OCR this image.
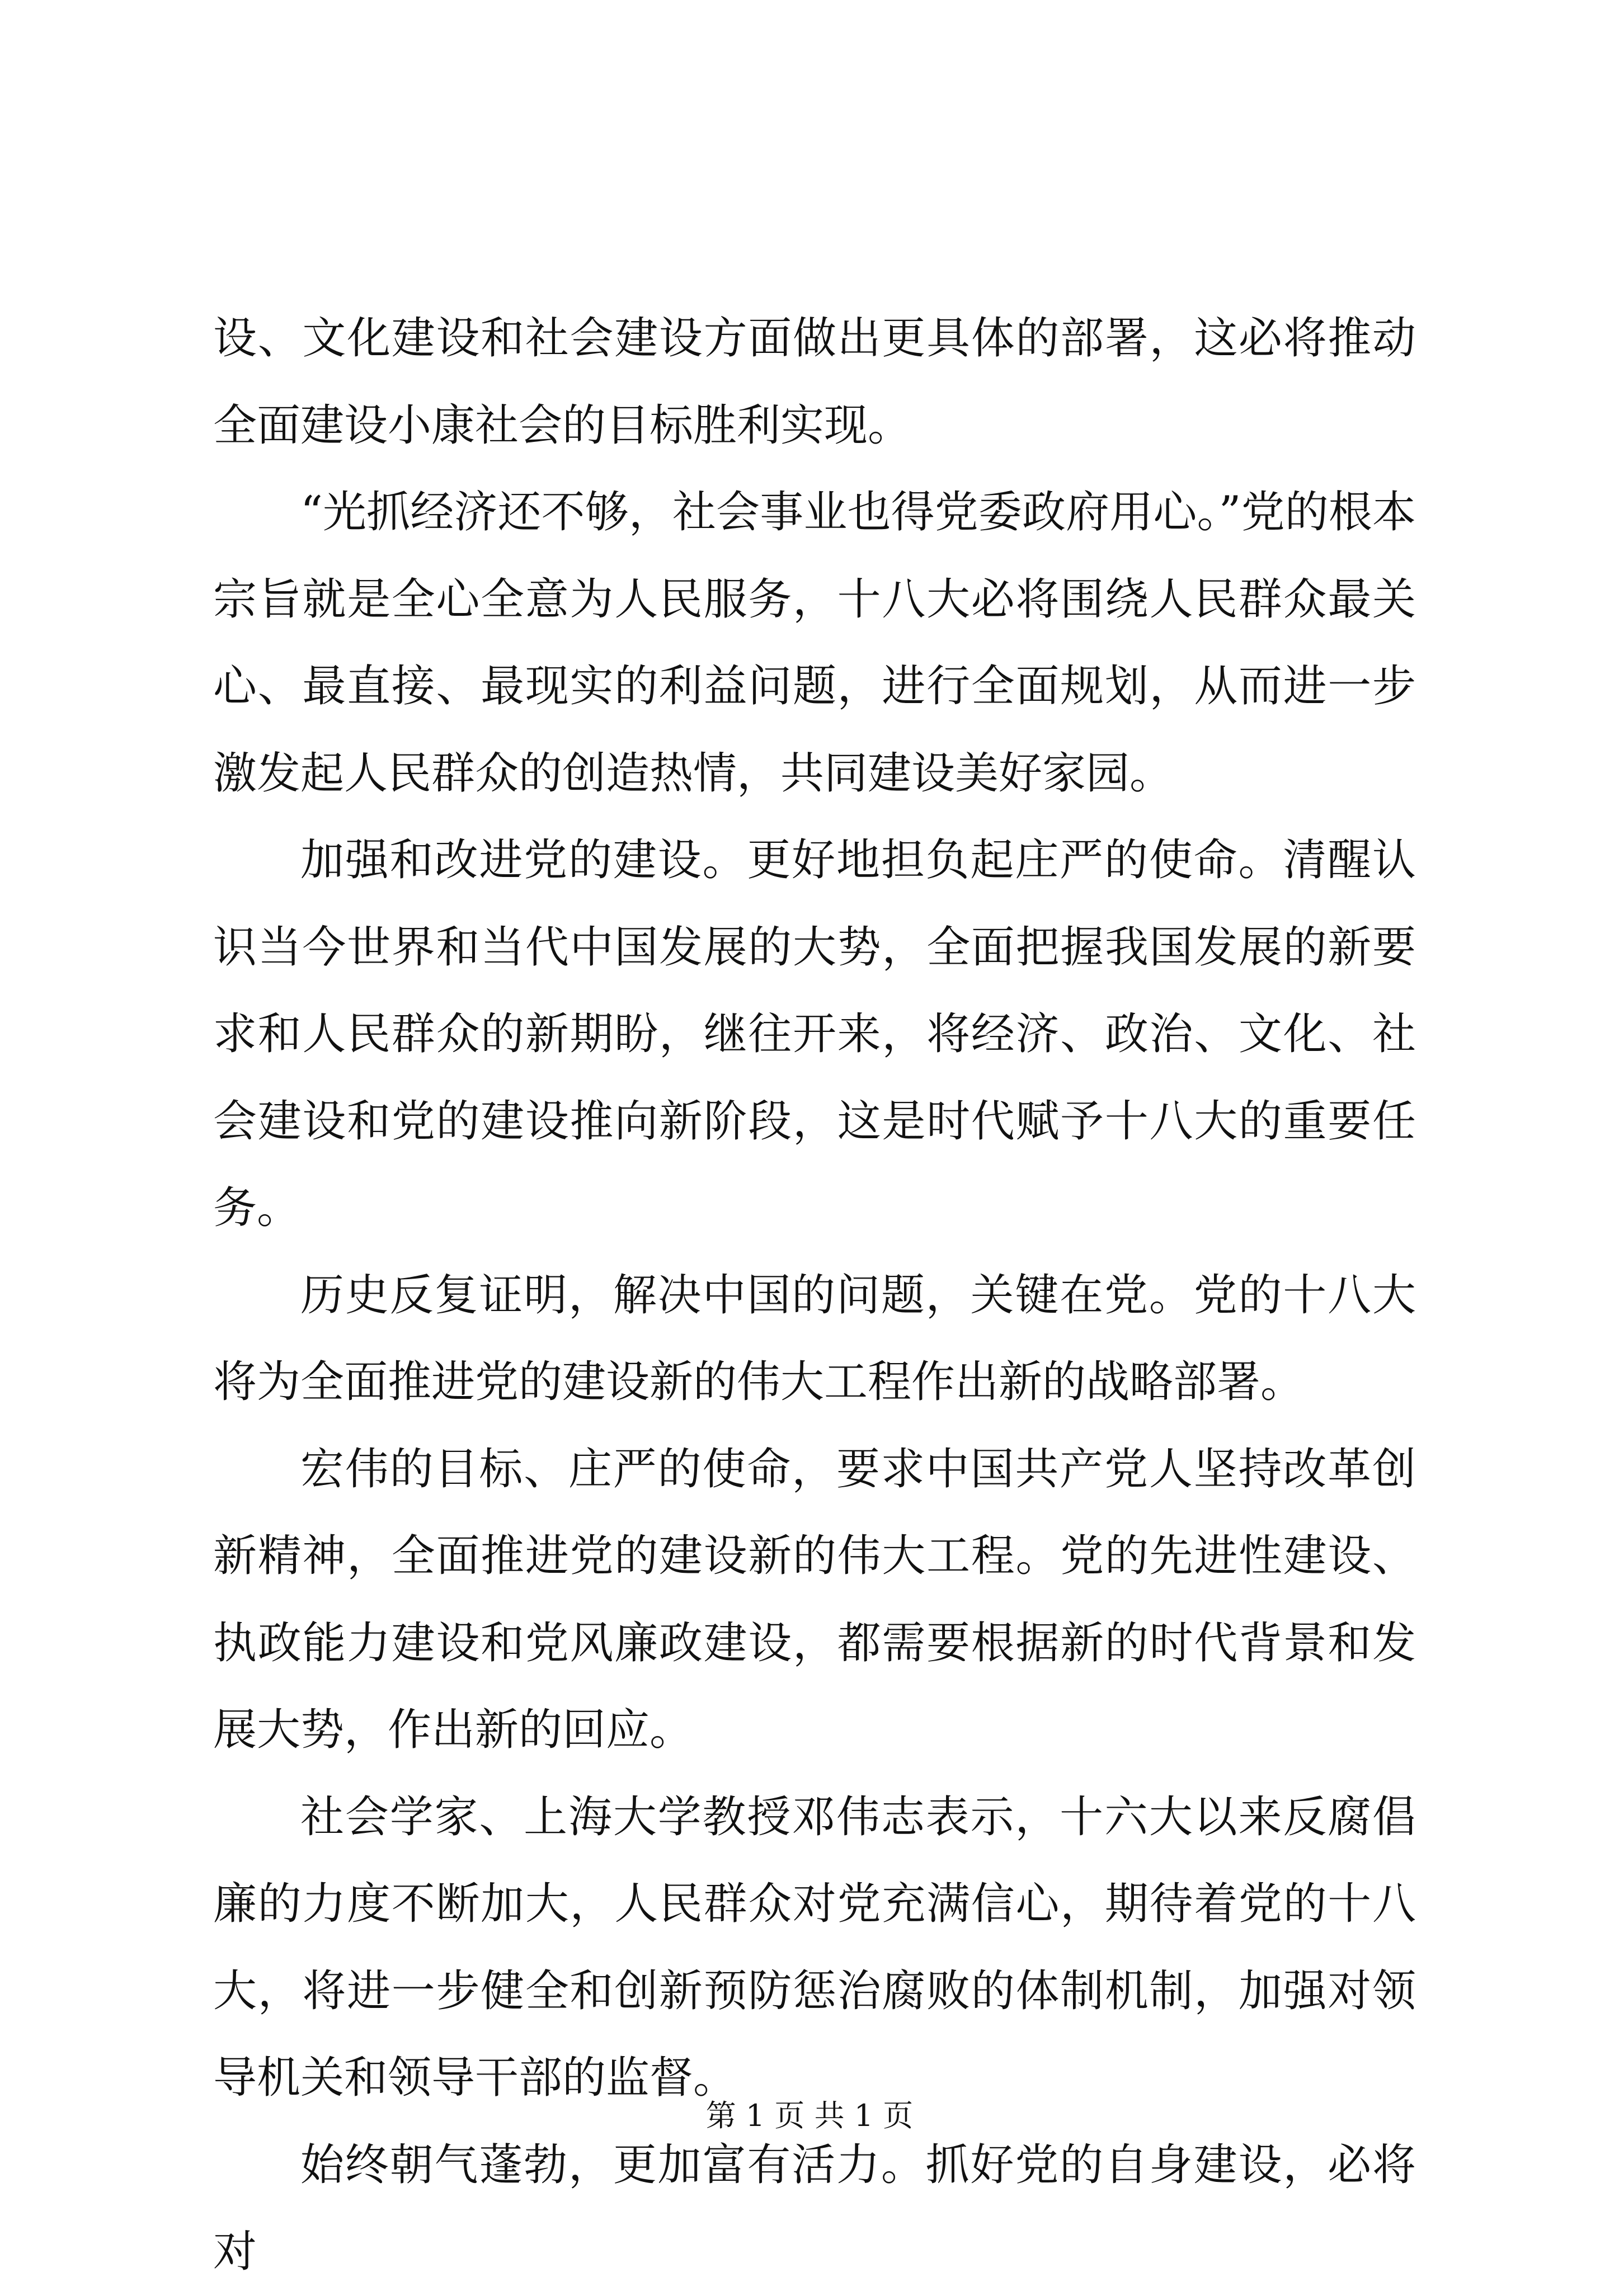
设、文化建设和社会建设方面做出更具体的部署，这必将推动全面建设小康社会的目标胜利实现。

“光抓经济还不够，社会事业也得党委政府用心。”党的根本宗旨就是全心全意为人民服务，十八大必将围绕人民群众最关心、最直接、最现实的利益问题，进行全面规划，从而进一步激发起人民群众的创造热情，共同建设美好家园。

加强和改进党的建设。更好地担负起庄严的使命。清醒认识当今世界和当代中国发展的大势，全面把握我国发展的新要求和人民群众的新期盼，继往开来，将经济、政治、文化、社会建设和党的建设推向新阶段，这是时代赋予十八大的重要任务。

历史反复证明，解决中国的问题，关键在党。党的十八大将为全面推进党的建设新的伟大工程作出新的战略部署。

宏伟的目标、庄严的使命，要求中国共产党人坚持改革创新精神，全面推进党的建设新的伟大工程。党的先进性建设、执政能力建设和党风廉政建设，都需要根据新的时代背景和发展大势，作出新的回应。

社会学家、上海大学教授邓伟志表示，十六大以来反腐倡廉的力度不断加大，人民群众对党充满信心，期待着党的十八大，将进一步健全和创新预防惩治腐败的体制机制，加强对领导机关和领导干部的监督。

始终朝气蓬勃，更加富有活力。抓好党的自身建设，必将对

第 1 页 共 1 页
